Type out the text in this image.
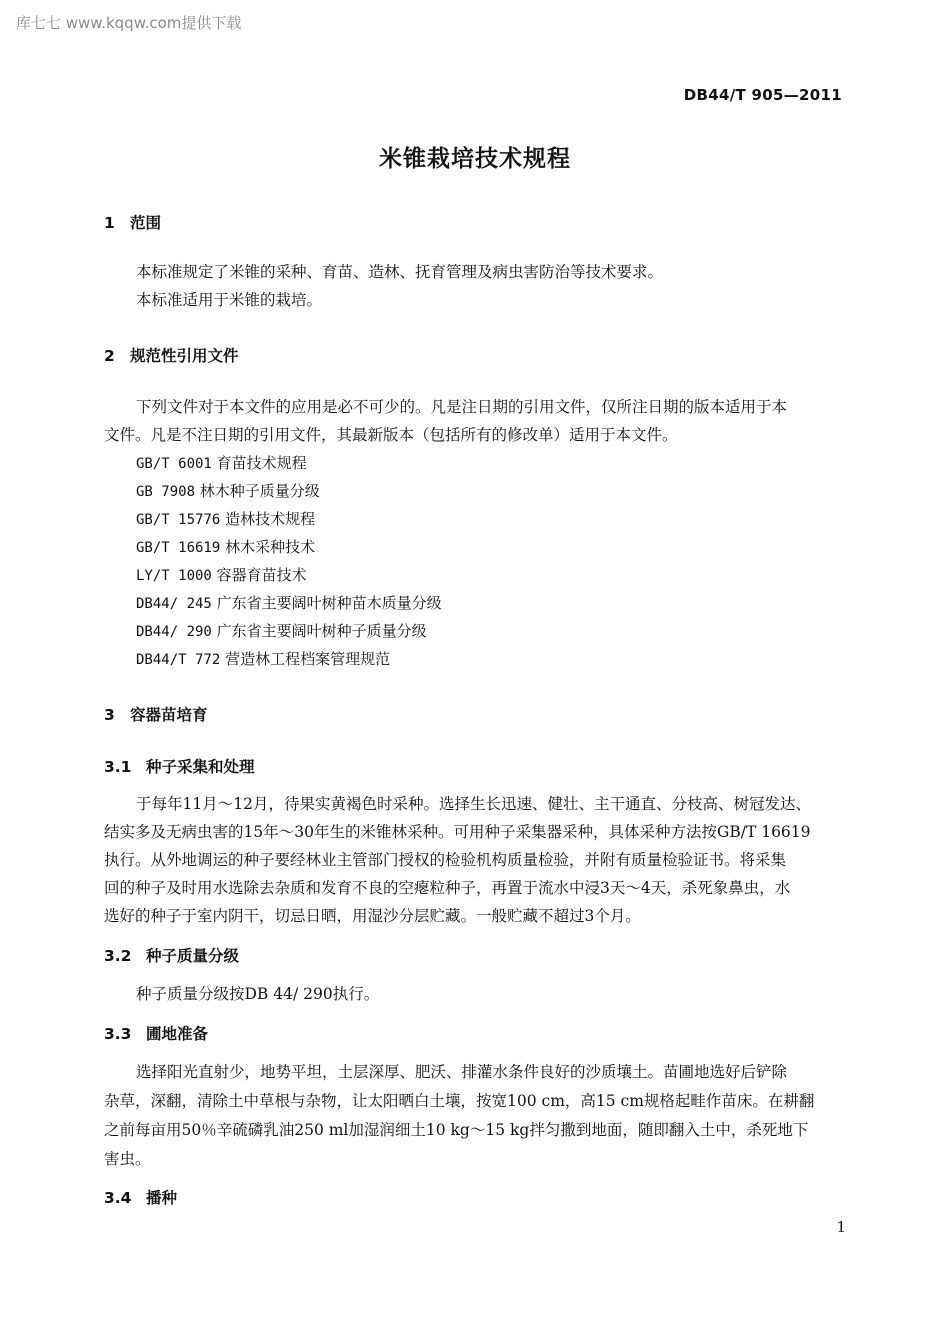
库七七 www.kqqw.com提供下载
DB44/T 905—2011
米锥栽培技术规程
1 范围
本标准规定了米锥的采种、育苗、造林、抚育管理及病虫害防治等技术要求。
本标准适用于米锥的栽培。
2 规范性引用文件
下列文件对于本文件的应用是必不可少的。凡是注日期的引用文件，仅所注日期的版本适用于本
文件。凡是不注日期的引用文件，其最新版本（包括所有的修改单）适用于本文件。
GB/T 6001 育苗技术规程
GB 7908 林木种子质量分级
GB/T 15776 造林技术规程
GB/T 16619 林木采种技术
LY/T 1000 容器育苗技术
DB44/ 245 广东省主要阔叶树种苗木质量分级
DB44/ 290 广东省主要阔叶树种子质量分级
DB44/T 772 营造林工程档案管理规范
3 容器苗培育
3.1 种子采集和处理
于每年11月～12月，待果实黄褐色时采种。选择生长迅速、健壮、主干通直、分枝高、树冠发达、
结实多及无病虫害的15年～30年生的米锥林采种。可用种子采集器采种，具体采种方法按GB/T 16619
执行。从外地调运的种子要经林业主管部门授权的检验机构质量检验，并附有质量检验证书。将采集
回的种子及时用水选除去杂质和发育不良的空瘪粒种子，再置于流水中浸3天～4天，杀死象鼻虫，水
选好的种子于室内阴干，切忌日晒，用湿沙分层贮藏。一般贮藏不超过3个月。
3.2 种子质量分级
种子质量分级按DB 44/ 290执行。
3.3 圃地准备
选择阳光直射少，地势平坦，土层深厚、肥沃、排灌水条件良好的沙质壤土。苗圃地选好后铲除
杂草，深翻，清除土中草根与杂物，让太阳晒白土壤，按宽100 cm，高15 cm规格起畦作苗床。在耕翻
之前每亩用50％辛硫磷乳油250 ml加湿润细土10 kg～15 kg拌匀撒到地面，随即翻入土中，杀死地下
害虫。
3.4 播种
1
